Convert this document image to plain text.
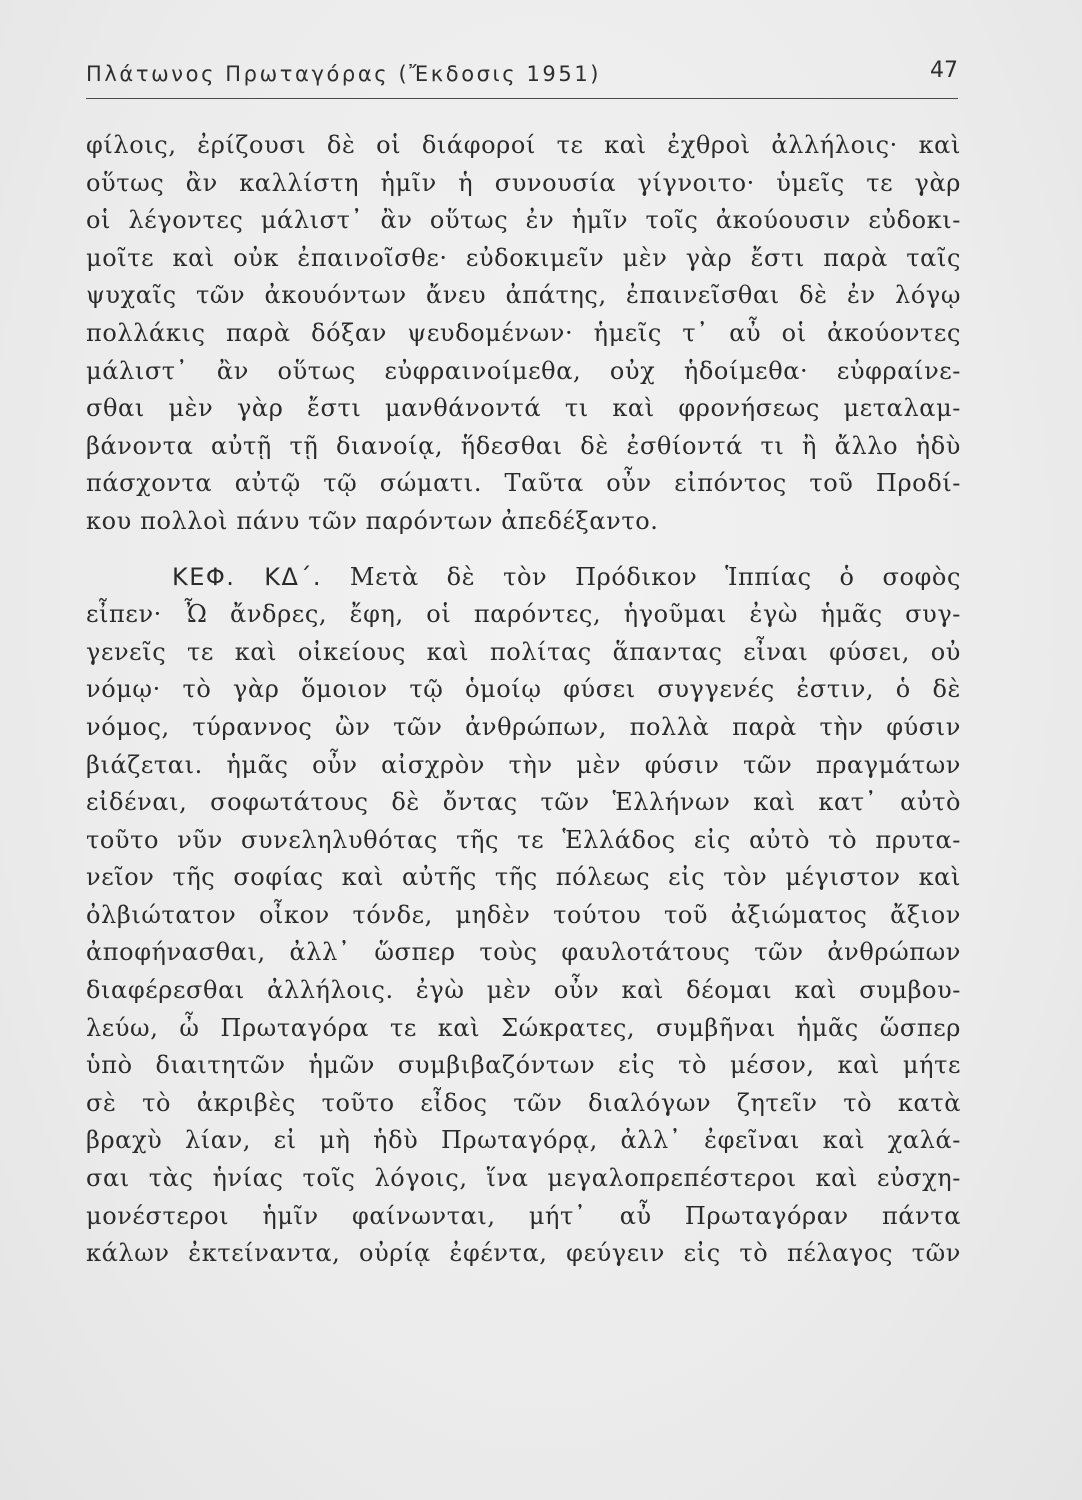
Πλάτωνος Πρωταγόρας (Ἔκδοσις 1951)	47
φίλοις, ἐρίζουσι δὲ οἱ διάφοροί τε καὶ ἐχθροὶ ἀλλήλοις· καὶ
οὕτως ἂν καλλίστη ἡμῖν ἡ συνουσία γίγνοιτο· ὑμεῖς τε γὰρ
οἱ λέγοντες μάλιστ᾽ ἂν οὕτως ἐν ἡμῖν τοῖς ἀκούουσιν εὐδοκι-
μοῖτε καὶ οὐκ ἐπαινοῖσθε· εὐδοκιμεῖν μὲν γὰρ ἔστι παρὰ ταῖς
ψυχαῖς τῶν ἀκουόντων ἄνευ ἀπάτης, ἐπαινεῖσθαι δὲ ἐν λόγῳ
πολλάκις παρὰ δόξαν ψευδομένων· ἡμεῖς τ᾽ αὖ οἱ ἀκούοντες
μάλιστ᾽ ἂν οὕτως εὐφραινοίμεθα, οὐχ ἡδοίμεθα· εὐφραίνε-
σθαι μὲν γὰρ ἔστι μανθάνοντά τι καὶ φρονήσεως μεταλαμ-
βάνοντα αὐτῇ τῇ διανοίᾳ, ἥδεσθαι δὲ ἐσθίοντά τι ἢ ἄλλο ἡδὺ
πάσχοντα αὐτῷ τῷ σώματι. Ταῦτα οὖν εἰπόντος τοῦ Προδί-
κου πολλοὶ πάνυ τῶν παρόντων ἀπεδέξαντο.
ΚΕΦ. ΚΔ΄. Μετὰ δὲ τὸν Πρόδικον Ἱππίας ὁ σοφὸς
εἶπεν· Ὦ ἄνδρες, ἔφη, οἱ παρόντες, ἡγοῦμαι ἐγὼ ἡμᾶς συγ-
γενεῖς τε καὶ οἰκείους καὶ πολίτας ἅπαντας εἶναι φύσει, οὐ
νόμῳ· τὸ γὰρ ὅμοιον τῷ ὁμοίῳ φύσει συγγενές ἐστιν, ὁ δὲ
νόμος, τύραννος ὢν τῶν ἀνθρώπων, πολλὰ παρὰ τὴν φύσιν
βιάζεται. ἡμᾶς οὖν αἰσχρὸν τὴν μὲν φύσιν τῶν πραγμάτων
εἰδέναι, σοφωτάτους δὲ ὄντας τῶν Ἑλλήνων καὶ κατ᾽ αὐτὸ
τοῦτο νῦν συνεληλυθότας τῆς τε Ἑλλάδος εἰς αὐτὸ τὸ πρυτα-
νεῖον τῆς σοφίας καὶ αὐτῆς τῆς πόλεως εἰς τὸν μέγιστον καὶ
ὀλβιώτατον οἶκον τόνδε, μηδὲν τούτου τοῦ ἀξιώματος ἄξιον
ἀποφήνασθαι, ἀλλ᾽ ὥσπερ τοὺς φαυλοτάτους τῶν ἀνθρώπων
διαφέρεσθαι ἀλλήλοις. ἐγὼ μὲν οὖν καὶ δέομαι καὶ συμβου-
λεύω, ὦ Πρωταγόρα τε καὶ Σώκρατες, συμβῆναι ἡμᾶς ὥσπερ
ὑπὸ διαιτητῶν ἡμῶν συμβιβαζόντων εἰς τὸ μέσον, καὶ μήτε
σὲ τὸ ἀκριβὲς τοῦτο εἶδος τῶν διαλόγων ζητεῖν τὸ κατὰ
βραχὺ λίαν, εἰ μὴ ἡδὺ Πρωταγόρᾳ, ἀλλ᾽ ἐφεῖναι καὶ χαλά-
σαι τὰς ἡνίας τοῖς λόγοις, ἵνα μεγαλοπρεπέστεροι καὶ εὐσχη-
μονέστεροι ἡμῖν φαίνωνται, μήτ᾽ αὖ Πρωταγόραν πάντα
κάλων ἐκτείναντα, οὐρίᾳ ἐφέντα, φεύγειν εἰς τὸ πέλαγος τῶν
